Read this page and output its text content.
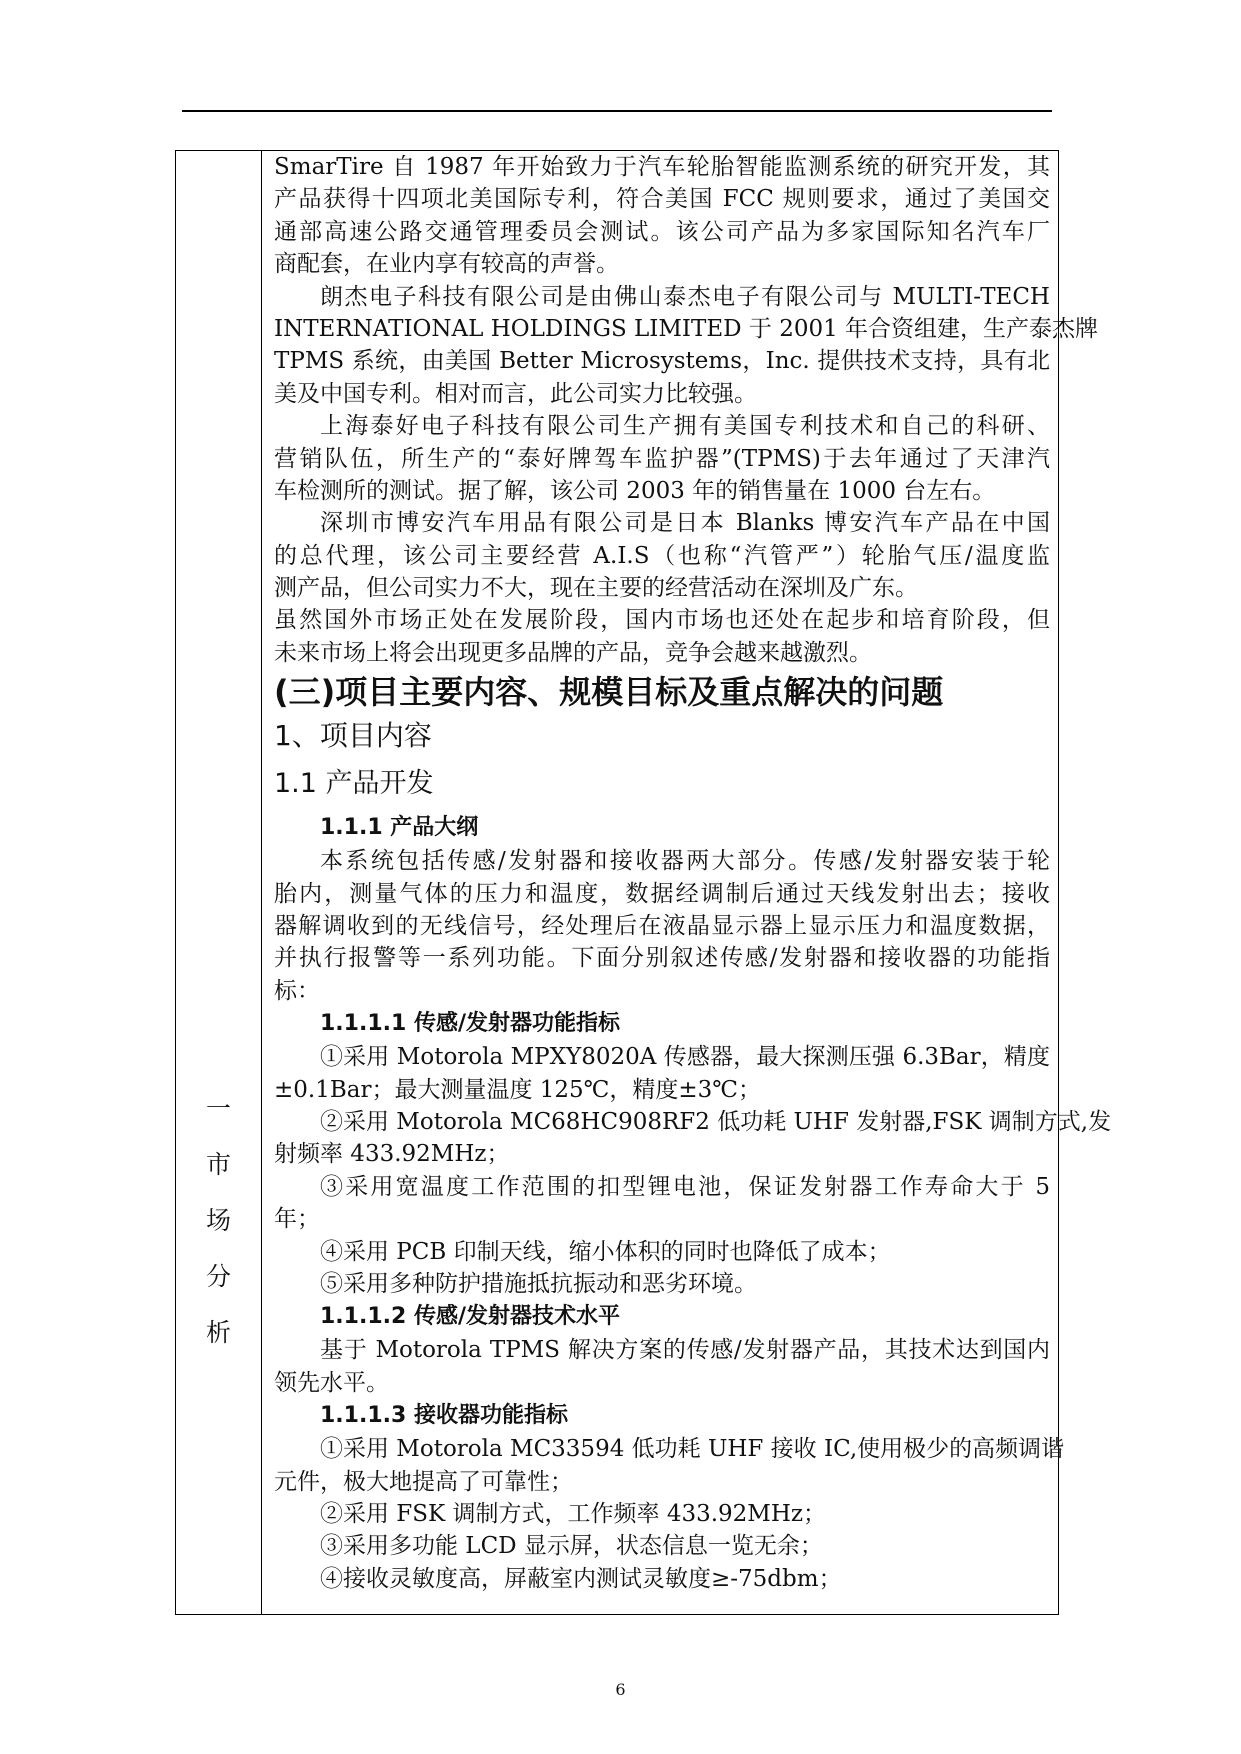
一
市
场
分
析
SmarTire 自 1987 年开始致力于汽车轮胎智能监测系统的研究开发，其
产品获得十四项北美国际专利，符合美国 FCC 规则要求，通过了美国交
通部高速公路交通管理委员会测试。该公司产品为多家国际知名汽车厂
商配套，在业内享有较高的声誉。
朗杰电子科技有限公司是由佛山泰杰电子有限公司与 MULTI-TECH
INTERNATIONAL HOLDINGS LIMITED 于 2001 年合资组建，生产泰杰牌
TPMS 系统，由美国 Better Microsystems，Inc. 提供技术支持，具有北
美及中国专利。相对而言，此公司实力比较强。
上海泰好电子科技有限公司生产拥有美国专利技术和自己的科研、
营销队伍，所生产的“泰好牌驾车监护器”(TPMS)于去年通过了天津汽
车检测所的测试。据了解，该公司 2003 年的销售量在 1000 台左右。
深圳市博安汽车用品有限公司是日本 Blanks 博安汽车产品在中国
的总代理，该公司主要经营 A.I.S（也称“汽管严”）轮胎气压/温度监
测产品，但公司实力不大，现在主要的经营活动在深圳及广东。
虽然国外市场正处在发展阶段，国内市场也还处在起步和培育阶段，但
未来市场上将会出现更多品牌的产品，竞争会越来越激烈。
(三)项目主要内容、规模目标及重点解决的问题
1、项目内容
1.1 产品开发
1.1.1 产品大纲
本系统包括传感/发射器和接收器两大部分。传感/发射器安装于轮
胎内，测量气体的压力和温度，数据经调制后通过天线发射出去；接收
器解调收到的无线信号，经处理后在液晶显示器上显示压力和温度数据，
并执行报警等一系列功能。下面分别叙述传感/发射器和接收器的功能指
标：
1.1.1.1 传感/发射器功能指标
①采用 Motorola MPXY8020A 传感器，最大探测压强 6.3Bar，精度
±0.1Bar；最大测量温度 125℃，精度±3℃；
②采用 Motorola MC68HC908RF2 低功耗 UHF 发射器,FSK 调制方式,发
射频率 433.92MHz；
③采用宽温度工作范围的扣型锂电池，保证发射器工作寿命大于 5
年；
④采用 PCB 印制天线，缩小体积的同时也降低了成本；
⑤采用多种防护措施抵抗振动和恶劣环境。
1.1.1.2 传感/发射器技术水平
基于 Motorola TPMS 解决方案的传感/发射器产品，其技术达到国内
领先水平。
1.1.1.3 接收器功能指标
①采用 Motorola MC33594 低功耗 UHF 接收 IC,使用极少的高频调谐
元件，极大地提高了可靠性；
②采用 FSK 调制方式，工作频率 433.92MHz；
③采用多功能 LCD 显示屏，状态信息一览无余；
④接收灵敏度高，屏蔽室内测试灵敏度≥-75dbm；
6
